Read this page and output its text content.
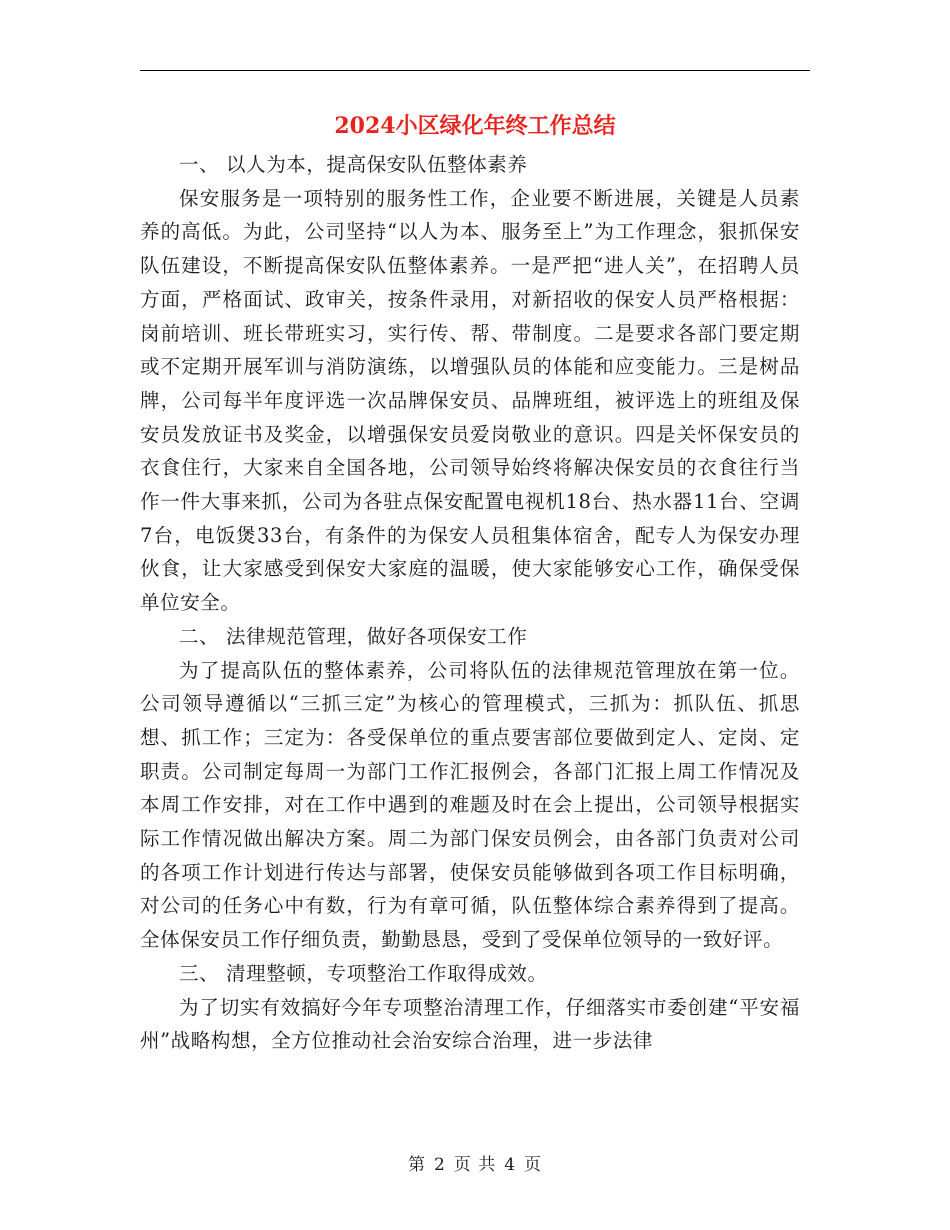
2024小区绿化年终工作总结

一、 以人为本，提高保安队伍整体素养

保安服务是一项特别的服务性工作，企业要不断进展，关键是人员素养的高低。为此，公司坚持“以人为本、服务至上”为工作理念，狠抓保安队伍建设，不断提高保安队伍整体素养。一是严把“进人关”，在招聘人员方面，严格面试、政审关，按条件录用，对新招收的保安人员严格根据：岗前培训、班长带班实习，实行传、帮、带制度。二是要求各部门要定期或不定期开展军训与消防演练，以增强队员的体能和应变能力。三是树品牌，公司每半年度评选一次品牌保安员、品牌班组，被评选上的班组及保安员发放证书及奖金，以增强保安员爱岗敬业的意识。四是关怀保安员的衣食住行，大家来自全国各地，公司领导始终将解决保安员的衣食往行当作一件大事来抓，公司为各驻点保安配置电视机18台、热水器11台、空调7台，电饭煲33台，有条件的为保安人员租集体宿舍，配专人为保安办理伙食，让大家感受到保安大家庭的温暖，使大家能够安心工作，确保受保单位安全。

二、 法律规范管理，做好各项保安工作

为了提高队伍的整体素养，公司将队伍的法律规范管理放在第一位。公司领导遵循以“三抓三定”为核心的管理模式，三抓为：抓队伍、抓思想、抓工作；三定为：各受保单位的重点要害部位要做到定人、定岗、定职责。公司制定每周一为部门工作汇报例会，各部门汇报上周工作情况及本周工作安排，对在工作中遇到的难题及时在会上提出，公司领导根据实际工作情况做出解决方案。周二为部门保安员例会，由各部门负责对公司的各项工作计划进行传达与部署，使保安员能够做到各项工作目标明确，对公司的任务心中有数，行为有章可循，队伍整体综合素养得到了提高。全体保安员工作仔细负责，勤勤恳恳，受到了受保单位领导的一致好评。

三、 清理整顿，专项整治工作取得成效。

为了切实有效搞好今年专项整治清理工作，仔细落实市委创建“平安福州”战略构想，全方位推动社会治安综合治理，进一步法律

第 2 页 共 4 页
